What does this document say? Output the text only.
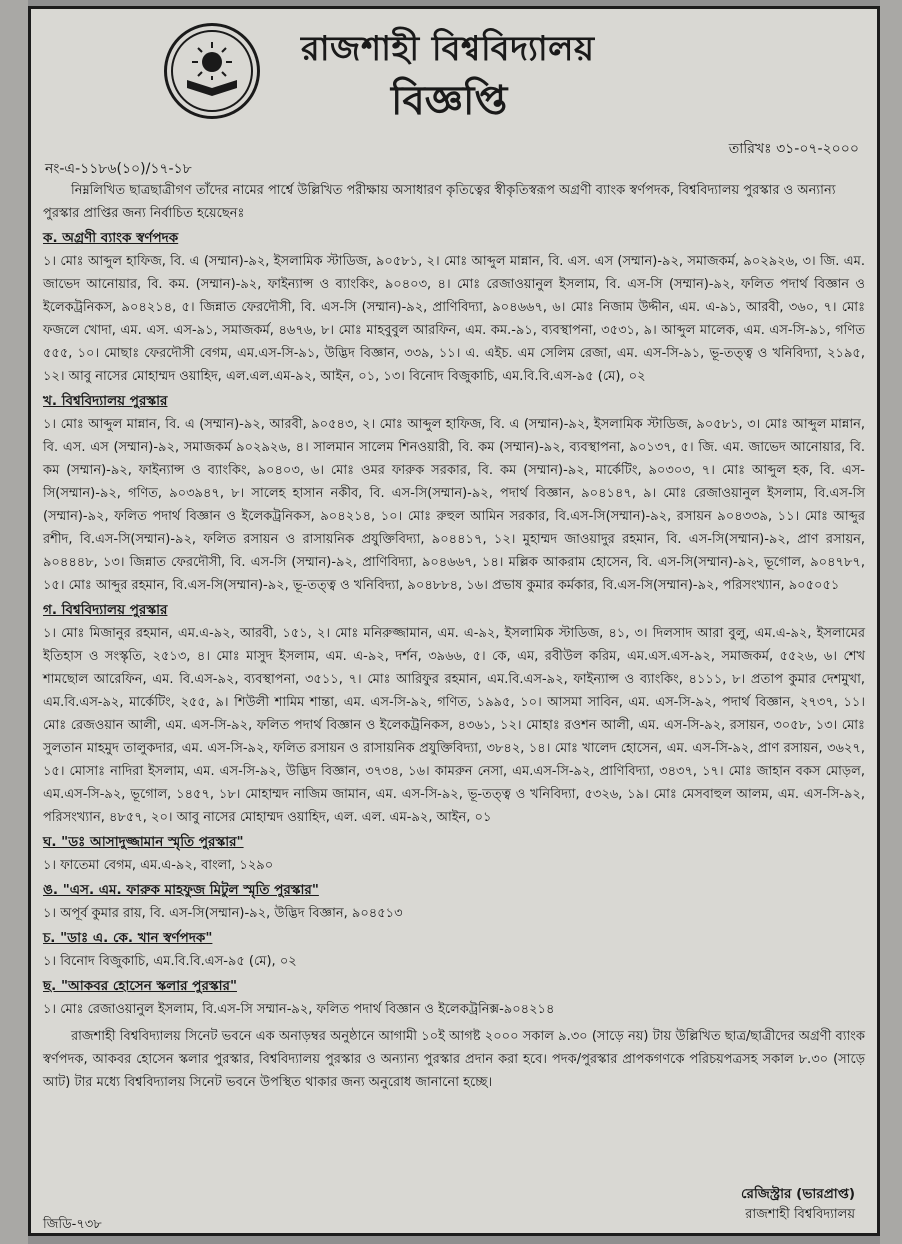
রাজশাহী বিশ্ববিদ্যালয়
বিজ্ঞপ্তি
তারিখঃ ৩১-০৭-২০০০
নং-এ-১১৮৬(১০)/১৭-১৮

নিম্নলিখিত ছাত্রছাত্রীগণ তাঁদের নামের পার্শ্বে উল্লিখিত পরীক্ষায় অসাধারণ কৃতিত্বের স্বীকৃতিস্বরূপ অগ্রণী ব্যাংক স্বর্ণপদক, বিশ্ববিদ্যালয় পুরস্কার ও অন্যান্য পুরস্কার প্রাপ্তির জন্য নির্বাচিত হয়েছেনঃ

ক. অগ্রণী ব্যাংক স্বর্ণপদক

১। মোঃ আব্দুল হাফিজ, বি. এ (সম্মান)-৯২, ইসলামিক স্টাডিজ, ৯০৫৮১, ২। মোঃ আব্দুল মান্নান, বি. এস. এস (সম্মান)-৯২, সমাজকর্ম, ৯০২৯২৬, ৩। জি. এম. জাভেদ আনোয়ার, বি. কম. (সম্মান)-৯২, ফাইন্যান্স ও ব্যাংকিং, ৯০৪০৩, ৪। মোঃ রেজাওয়ানুল ইসলাম, বি. এস-সি (সম্মান)-৯২, ফলিত পদার্থ বিজ্ঞান ও ইলেকট্রনিকস, ৯০৪২১৪, ৫। জিন্নাত ফেরদৌসী, বি. এস-সি (সম্মান)-৯২, প্রাণিবিদ্যা, ৯০৪৬৬৭, ৬। মোঃ নিজাম উদ্দীন, এম. এ-৯১, আরবী, ৩৬০, ৭। মোঃ ফজলে খোদা, এম. এস. এস-৯১, সমাজকর্ম, ৪৬৭৬, ৮। মোঃ মাহবুবুল আরফিন, এম. কম.-৯১, ব্যবস্থাপনা, ৩৫৩১, ৯। আব্দুল মালেক, এম. এস-সি-৯১, গণিত ৫৫৫, ১০। মোছাঃ ফেরদৌসী বেগম, এম.এস-সি-৯১, উদ্ভিদ বিজ্ঞান, ৩৩৯, ১১। এ. এইচ. এম সেলিম রেজা, এম. এস-সি-৯১, ভূ-তত্ত্ব ও খনিবিদ্যা, ২১৯৫, ১২। আবু নাসের মোহাম্মদ ওয়াহিদ, এল.এল.এম-৯২, আইন, ০১, ১৩। বিনোদ বিজুকাচি, এম.বি.বি.এস-৯৫ (মে), ০২

খ. বিশ্ববিদ্যালয় পুরস্কার

১। মোঃ আব্দুল মান্নান, বি. এ (সম্মান)-৯২, আরবী, ৯০৫৪৩, ২। মোঃ আব্দুল হাফিজ, বি. এ (সম্মান)-৯২, ইসলামিক স্টাডিজ, ৯০৫৮১, ৩। মোঃ আব্দুল মান্নান, বি. এস. এস (সম্মান)-৯২, সমাজকর্ম ৯০২৯২৬, ৪। সালমান সালেম শিনওয়ারী, বি. কম (সম্মান)-৯২, ব্যবস্থাপনা, ৯০১৩৭, ৫। জি. এম. জাভেদ আনোয়ার, বি. কম (সম্মান)-৯২, ফাইন্যান্স ও ব্যাংকিং, ৯০৪০৩, ৬। মোঃ ওমর ফারুক সরকার, বি. কম (সম্মান)-৯২, মার্কেটিং, ৯০৩০৩, ৭। মোঃ আব্দুল হক, বি. এস-সি(সম্মান)-৯২, গণিত, ৯০৩৯৪৭, ৮। সালেহ হাসান নকীব, বি. এস-সি(সম্মান)-৯২, পদার্থ বিজ্ঞান, ৯০৪১৪৭, ৯। মোঃ রেজাওয়ানুল ইসলাম, বি.এস-সি (সম্মান)-৯২, ফলিত পদার্থ বিজ্ঞান ও ইলেকট্রনিকস, ৯০৪২১৪, ১০। মোঃ রুহুল আমিন সরকার, বি.এস-সি(সম্মান)-৯২, রসায়ন ৯০৪৩৩৯, ১১। মোঃ আব্দুর রশীদ, বি.এস-সি(সম্মান)-৯২, ফলিত রসায়ন ও রাসায়নিক প্রযুক্তিবিদ্যা, ৯০৪৪১৭, ১২। মুহাম্মদ জাওয়াদুর রহমান, বি. এস-সি(সম্মান)-৯২, প্রাণ রসায়ন, ৯০৪৪৪৮, ১৩। জিন্নাত ফেরদৌসী, বি. এস-সি (সম্মান)-৯২, প্রাণিবিদ্যা, ৯০৪৬৬৭, ১৪। মল্লিক আকরাম হোসেন, বি. এস-সি(সম্মান)-৯২, ভূগোল, ৯০৪৭৮৭, ১৫। মোঃ আব্দুর রহমান, বি.এস-সি(সম্মান)-৯২, ভূ-তত্ত্ব ও খনিবিদ্যা, ৯০৪৮৮৪, ১৬। প্রভাষ কুমার কর্মকার, বি.এস-সি(সম্মান)-৯২, পরিসংখ্যান, ৯০৫০৫১

গ. বিশ্ববিদ্যালয় পুরস্কার

১। মোঃ মিজানুর রহমান, এম.এ-৯২, আরবী, ১৫১, ২। মোঃ মনিরুজ্জামান, এম. এ-৯২, ইসলামিক স্টাডিজ, ৪১, ৩। দিলসাদ আরা বুলু, এম.এ-৯২, ইসলামের ইতিহাস ও সংস্কৃতি, ২৫১৩, ৪। মোঃ মাসুদ ইসলাম, এম. এ-৯২, দর্শন, ৩৯৬৬, ৫। কে, এম, রবীউল করিম, এম.এস.এস-৯২, সমাজকর্ম, ৫৫২৬, ৬। শেখ শামছোল আরেফিন, এম. বি.এস-৯২, ব্যবস্থাপনা, ৩৫১১, ৭। মোঃ আরিফুর রহমান, এম.বি.এস-৯২, ফাইন্যান্স ও ব্যাংকিং, ৪১১১, ৮। প্রতাপ কুমার দেশমুখা, এম.বি.এস-৯২, মার্কেটিং, ২৫৫, ৯। শিউলী শামিম শান্তা, এম. এস-সি-৯২, গণিত, ১৯৯৫, ১০। আসমা সাবিন, এম. এস-সি-৯২, পদার্থ বিজ্ঞান, ২৭৩৭, ১১। মোঃ রেজওয়ান আলী, এম. এস-সি-৯২, ফলিত পদার্থ বিজ্ঞান ও ইলেকট্রনিকস, ৪৩৬১, ১২। মোহাঃ রওশন আলী, এম. এস-সি-৯২, রসায়ন, ৩০৫৮, ১৩। মোঃ সুলতান মাহমুদ তালুকদার, এম. এস-সি-৯২, ফলিত রসায়ন ও রাসায়নিক প্রযুক্তিবিদ্যা, ৩৮৪২, ১৪। মোঃ খালেদ হোসেন, এম. এস-সি-৯২, প্রাণ রসায়ন, ৩৬২৭, ১৫। মোসাঃ নাদিরা ইসলাম, এম. এস-সি-৯২, উদ্ভিদ বিজ্ঞান, ৩৭৩৪, ১৬। কামরুন নেসা, এম.এস-সি-৯২, প্রাণিবিদ্যা, ৩৪৩৭, ১৭। মোঃ জাহান বকস মোড়ল, এম.এস-সি-৯২, ভূগোল, ১৪৫৭, ১৮। মোহাম্মদ নাজিম জামান, এম. এস-সি-৯২, ভূ-তত্ত্ব ও খনিবিদ্যা, ৫৩২৬, ১৯। মোঃ মেসবাহুল আলম, এম. এস-সি-৯২, পরিসংখ্যান, ৪৮৫৭, ২০। আবু নাসের মোহাম্মদ ওয়াহিদ, এল. এল. এম-৯২, আইন, ০১

ঘ. "ডঃ আসাদুজ্জামান স্মৃতি পুরস্কার"

১। ফাতেমা বেগম, এম.এ-৯২, বাংলা, ১২৯০

ঙ. "এস. এম. ফারুক মাহফুজ মিটুল স্মৃতি পুরস্কার"

১। অপূর্ব কুমার রায়, বি. এস-সি(সম্মান)-৯২, উদ্ভিদ বিজ্ঞান, ৯০৪৫১৩

চ. "ডাঃ এ. কে. খান স্বর্ণপদক"

১। বিনোদ বিজুকাচি, এম.বি.বি.এস-৯৫ (মে), ০২

ছ. "আকবর হোসেন স্কলার পুরস্কার"

১। মোঃ রেজাওয়ানুল ইসলাম, বি.এস-সি সম্মান-৯২, ফলিত পদার্থ বিজ্ঞান ও ইলেকট্রনিক্স-৯০৪২১৪

রাজশাহী বিশ্ববিদ্যালয় সিনেট ভবনে এক অনাড়ম্বর অনুষ্ঠানে আগামী ১০ই আগষ্ট ২০০০ সকাল ৯.৩০ (সাড়ে নয়) টায় উল্লিখিত ছাত্র/ছাত্রীদের অগ্রণী ব্যাংক স্বর্ণপদক, আকবর হোসেন স্কলার পুরস্কার, বিশ্ববিদ্যালয় পুরস্কার ও অন্যান্য পুরস্কার প্রদান করা হবে। পদক/পুরস্কার প্রাপকগণকে পরিচয়পত্রসহ সকাল ৮.৩০ (সাড়ে আট) টার মধ্যে বিশ্ববিদ্যালয় সিনেট ভবনে উপস্থিত থাকার জন্য অনুরোধ জানানো হচ্ছে।

রেজিস্ট্রার (ভারপ্রাপ্ত)
রাজশাহী বিশ্ববিদ্যালয়
জিডি-৭৩৮
